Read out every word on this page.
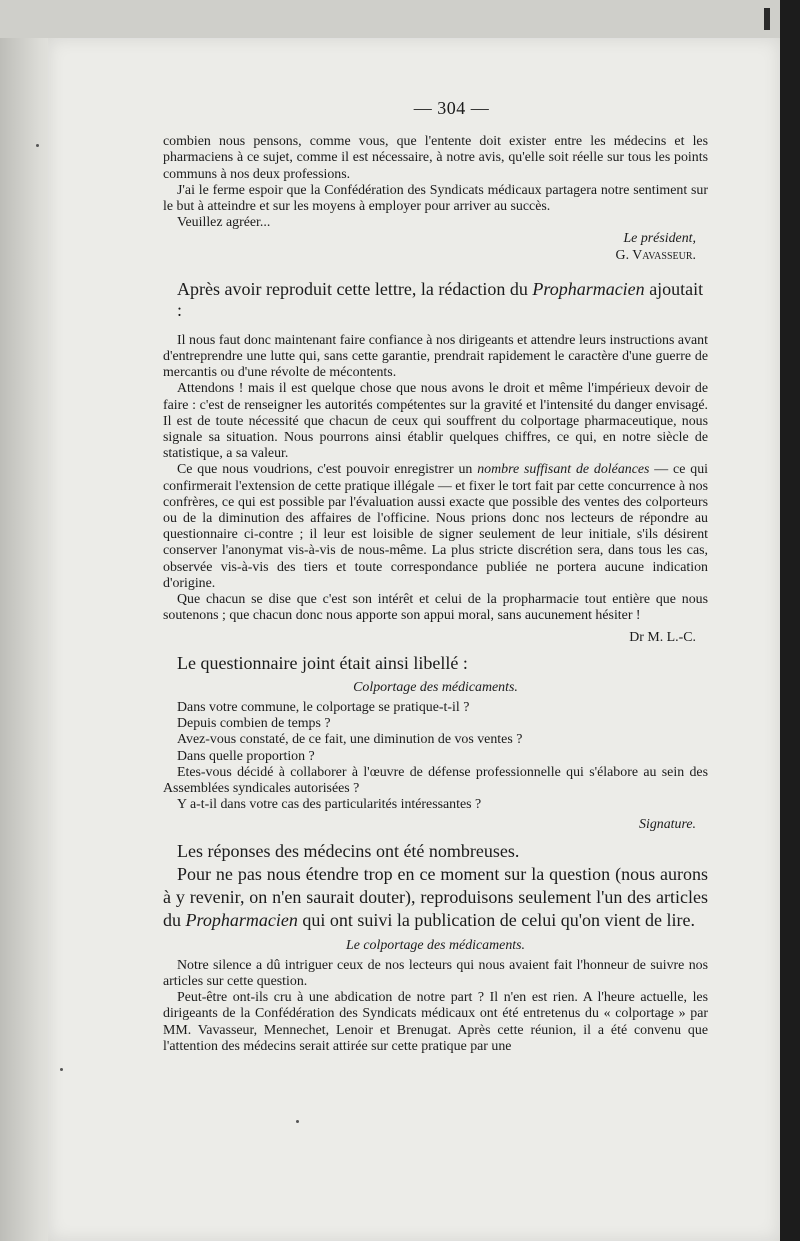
— 304 —

combien nous pensons, comme vous, que l'entente doit exister entre les médecins et les pharmaciens à ce sujet, comme il est nécessaire, à notre avis, qu'elle soit réelle sur tous les points communs à nos deux professions.

J'ai le ferme espoir que la Confédération des Syndicats médicaux partagera notre sentiment sur le but à atteindre et sur les moyens à employer pour arriver au succès.

Veuillez agréer...

Le président,

G. Vavasseur.

Après avoir reproduit cette lettre, la rédaction du Propharmacien ajoutait :

Il nous faut donc maintenant faire confiance à nos dirigeants et attendre leurs instructions avant d'entreprendre une lutte qui, sans cette garantie, prendrait rapidement le caractère d'une guerre de mercantis ou d'une révolte de mécontents.

Attendons ! mais il est quelque chose que nous avons le droit et même l'impérieux devoir de faire : c'est de renseigner les autorités compétentes sur la gravité et l'intensité du danger envisagé. Il est de toute nécessité que chacun de ceux qui souffrent du colportage pharmaceutique, nous signale sa situation. Nous pourrons ainsi établir quelques chiffres, ce qui, en notre siècle de statistique, a sa valeur.

Ce que nous voudrions, c'est pouvoir enregistrer un nombre suffisant de doléances — ce qui confirmerait l'extension de cette pratique illégale — et fixer le tort fait par cette concurrence à nos confrères, ce qui est possible par l'évaluation aussi exacte que possible des ventes des colporteurs ou de la diminution des affaires de l'officine. Nous prions donc nos lecteurs de répondre au questionnaire ci-contre ; il leur est loisible de signer seulement de leur initiale, s'ils désirent conserver l'anonymat vis-à-vis de nous-même. La plus stricte discrétion sera, dans tous les cas, observée vis-à-vis des tiers et toute correspondance publiée ne portera aucune indication d'origine.

Que chacun se dise que c'est son intérêt et celui de la propharmacie tout entière que nous soutenons ; que chacun donc nous apporte son appui moral, sans aucunement hésiter !

Dr M. L.-C.

Le questionnaire joint était ainsi libellé :

Colportage des médicaments.

Dans votre commune, le colportage se pratique-t-il ?

Depuis combien de temps ?

Avez-vous constaté, de ce fait, une diminution de vos ventes ?

Dans quelle proportion ?

Etes-vous décidé à collaborer à l'œuvre de défense professionnelle qui s'élabore au sein des Assemblées syndicales autorisées ?

Y a-t-il dans votre cas des particularités intéressantes ?

Signature.

Les réponses des médecins ont été nombreuses.

Pour ne pas nous étendre trop en ce moment sur la question (nous aurons à y revenir, on n'en saurait douter), reproduisons seulement l'un des articles du Propharmacien qui ont suivi la publication de celui qu'on vient de lire.

Le colportage des médicaments.

Notre silence a dû intriguer ceux de nos lecteurs qui nous avaient fait l'honneur de suivre nos articles sur cette question.

Peut-être ont-ils cru à une abdication de notre part ? Il n'en est rien. A l'heure actuelle, les dirigeants de la Confédération des Syndicats médicaux ont été entretenus du « colportage » par MM. Vavasseur, Mennechet, Lenoir et Brenugat. Après cette réunion, il a été convenu que l'attention des médecins serait attirée sur cette pratique par une
